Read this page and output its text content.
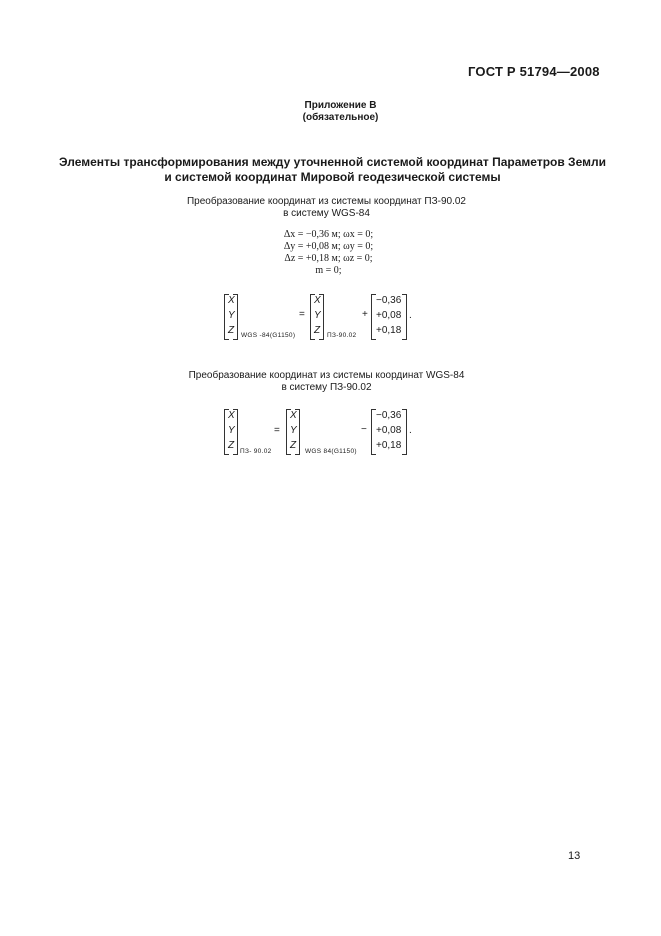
ГОСТ Р 51794—2008
Приложение В
(обязательное)
Элементы трансформирования между уточненной системой координат Параметров Земли
и системой координат Мировой геодезической системы
Преобразование координат из системы координат ПЗ-90.02
в систему WGS-84
Δx = −0,36 м; ωx = 0;
Δy = +0,08 м; ωy = 0;
Δz = +0,18 м; ωz = 0;
m = 0;
X
Y
Z WGS -84(G1150)
=
X
Y
Z ПЗ-90.02
+
−0,36
+0,08
+0,18
.
Преобразование координат из системы координат WGS-84
в систему ПЗ-90.02
X
Y
Z
ПЗ- 90.02
=
X
Y
Z
WGS 84(G1150)
−
−0,36
+0,08
+0,18
.
13
